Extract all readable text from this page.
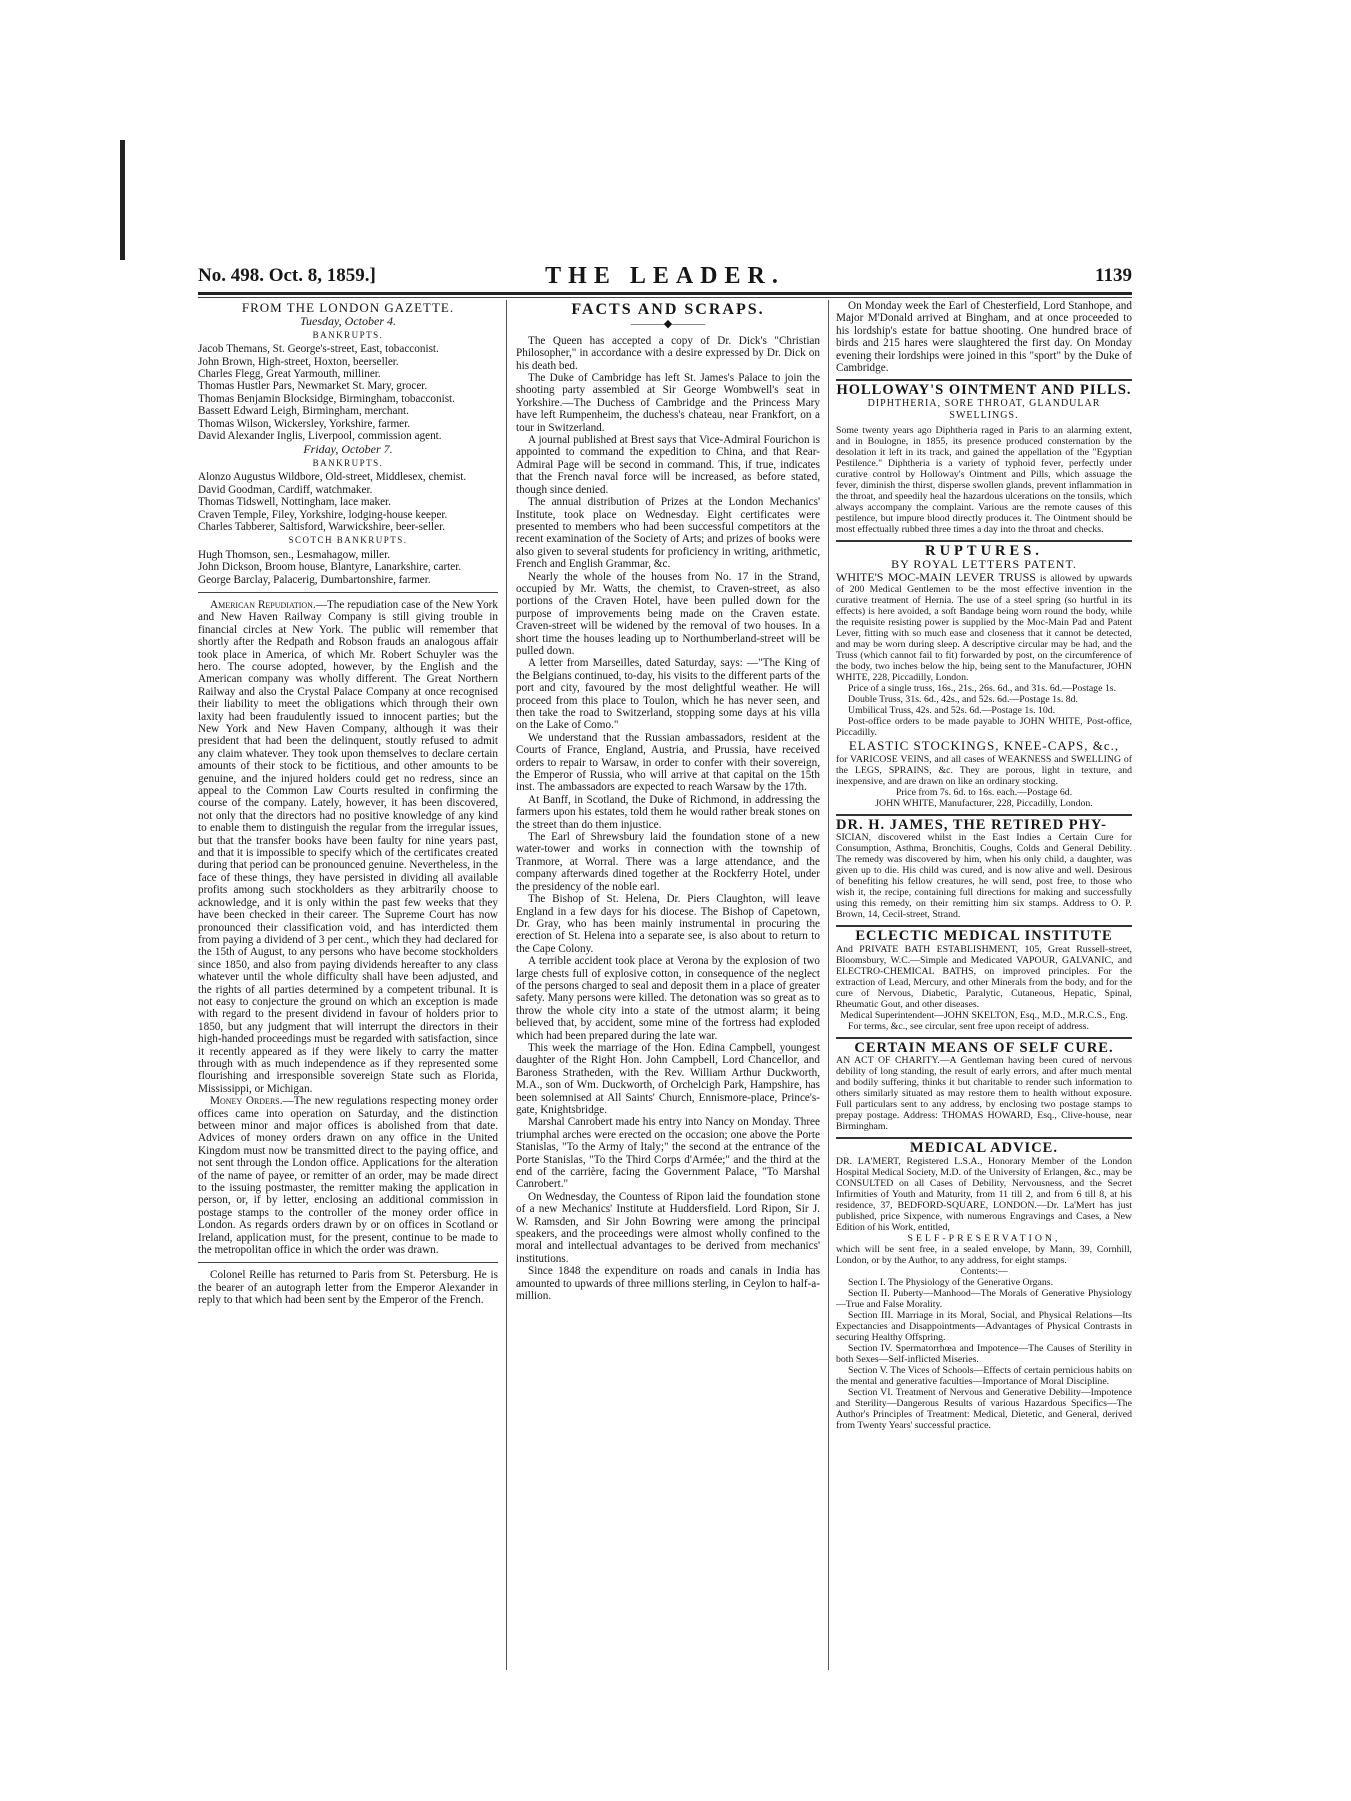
No. 498. Oct. 8, 1859.]	THE LEADER.	1139
FROM THE LONDON GAZETTE.
Tuesday, October 4.
BANKRUPTS.

Jacob Themans, St. George's-street, East, tobacconist.

John Brown, High-street, Hoxton, beerseller.

Charles Flegg, Great Yarmouth, milliner.

Thomas Hustler Pars, Newmarket St. Mary, grocer.

Thomas Benjamin Blocksidge, Birmingham, tobacconist.

Bassett Edward Leigh, Birmingham, merchant.

Thomas Wilson, Wickersley, Yorkshire, farmer.

David Alexander Inglis, Liverpool, commission agent.

Friday, October 7.
BANKRUPTS.

Alonzo Augustus Wildbore, Old-street, Middlesex, chemist.

David Goodman, Cardiff, watchmaker.

Thomas Tidswell, Nottingham, lace maker.

Craven Temple, Filey, Yorkshire, lodging-house keeper.

Charles Tabberer, Saltisford, Warwickshire, beer-seller.

SCOTCH BANKRUPTS.

Hugh Thomson, sen., Lesmahagow, miller.

John Dickson, Broom house, Blantyre, Lanarkshire, carter.

George Barclay, Palacerig, Dumbartonshire, farmer.

American Repudiation.—The repudiation case of the New York and New Haven Railway Company is still giving trouble in financial circles at New York. The public will remember that shortly after the Redpath and Robson frauds an analogous affair took place in America, of which Mr. Robert Schuyler was the hero. The course adopted, however, by the English and the American company was wholly different. The Great Northern Railway and also the Crystal Palace Company at once recognised their liability to meet the obligations which through their own laxity had been fraudulently issued to innocent parties; but the New York and New Haven Company, although it was their president that had been the delinquent, stoutly refused to admit any claim whatever. They took upon themselves to declare certain amounts of their stock to be fictitious, and other amounts to be genuine, and the injured holders could get no redress, since an appeal to the Common Law Courts resulted in confirming the course of the company. Lately, however, it has been discovered, not only that the directors had no positive knowledge of any kind to enable them to distinguish the regular from the irregular issues, but that the transfer books have been faulty for nine years past, and that it is impossible to specify which of the certificates created during that period can be pronounced genuine. Nevertheless, in the face of these things, they have persisted in dividing all available profits among such stockholders as they arbitrarily choose to acknowledge, and it is only within the past few weeks that they have been checked in their career. The Supreme Court has now pronounced their classification void, and has interdicted them from paying a dividend of 3 per cent., which they had declared for the 15th of August, to any persons who have become stockholders since 1850, and also from paying dividends hereafter to any class whatever until the whole difficulty shall have been adjusted, and the rights of all parties determined by a competent tribunal. It is not easy to conjecture the ground on which an exception is made with regard to the present dividend in favour of holders prior to 1850, but any judgment that will interrupt the directors in their high-handed proceedings must be regarded with satisfaction, since it recently appeared as if they were likely to carry the matter through with as much independence as if they represented some flourishing and irresponsible sovereign State such as Florida, Mississippi, or Michigan.

Money Orders.—The new regulations respecting money order offices came into operation on Saturday, and the distinction between minor and major offices is abolished from that date. Advices of money orders drawn on any office in the United Kingdom must now be transmitted direct to the paying office, and not sent through the London office. Applications for the alteration of the name of payee, or remitter of an order, may be made direct to the issuing postmaster, the remitter making the application in person, or, if by letter, enclosing an additional commission in postage stamps to the controller of the money order office in London. As regards orders drawn by or on offices in Scotland or Ireland, application must, for the present, continue to be made to the metropolitan office in which the order was drawn.

Colonel Reille has returned to Paris from St. Petersburg. He is the bearer of an autograph letter from the Emperor Alexander in reply to that which had been sent by the Emperor of the French.

FACTS AND SCRAPS.
———◆———

The Queen has accepted a copy of Dr. Dick's "Christian Philosopher," in accordance with a desire expressed by Dr. Dick on his death bed.

The Duke of Cambridge has left St. James's Palace to join the shooting party assembled at Sir George Wombwell's seat in Yorkshire.—The Duchess of Cambridge and the Princess Mary have left Rumpenheim, the duchess's chateau, near Frankfort, on a tour in Switzerland.

A journal published at Brest says that Vice-Admiral Fourichon is appointed to command the expedition to China, and that Rear-Admiral Page will be second in command. This, if true, indicates that the French naval force will be increased, as before stated, though since denied.

The annual distribution of Prizes at the London Mechanics' Institute, took place on Wednesday. Eight certificates were presented to members who had been successful competitors at the recent examination of the Society of Arts; and prizes of books were also given to several students for proficiency in writing, arithmetic, French and English Grammar, &c.

Nearly the whole of the houses from No. 17 in the Strand, occupied by Mr. Watts, the chemist, to Craven-street, as also portions of the Craven Hotel, have been pulled down for the purpose of improvements being made on the Craven estate. Craven-street will be widened by the removal of two houses. In a short time the houses leading up to Northumberland-street will be pulled down.

A letter from Marseilles, dated Saturday, says: —"The King of the Belgians continued, to-day, his visits to the different parts of the port and city, favoured by the most delightful weather. He will proceed from this place to Toulon, which he has never seen, and then take the road to Switzerland, stopping some days at his villa on the Lake of Como."

We understand that the Russian ambassadors, resident at the Courts of France, England, Austria, and Prussia, have received orders to repair to Warsaw, in order to confer with their sovereign, the Emperor of Russia, who will arrive at that capital on the 15th inst. The ambassadors are expected to reach Warsaw by the 17th.

At Banff, in Scotland, the Duke of Richmond, in addressing the farmers upon his estates, told them he would rather break stones on the street than do them injustice.

The Earl of Shrewsbury laid the foundation stone of a new water-tower and works in connection with the township of Tranmore, at Worral. There was a large attendance, and the company afterwards dined together at the Rockferry Hotel, under the presidency of the noble earl.

The Bishop of St. Helena, Dr. Piers Claughton, will leave England in a few days for his diocese. The Bishop of Capetown, Dr. Gray, who has been mainly instrumental in procuring the erection of St. Helena into a separate see, is also about to return to the Cape Colony.

A terrible accident took place at Verona by the explosion of two large chests full of explosive cotton, in consequence of the neglect of the persons charged to seal and deposit them in a place of greater safety. Many persons were killed. The detonation was so great as to throw the whole city into a state of the utmost alarm; it being believed that, by accident, some mine of the fortress had exploded which had been prepared during the late war.

This week the marriage of the Hon. Edina Campbell, youngest daughter of the Right Hon. John Campbell, Lord Chancellor, and Baroness Stratheden, with the Rev. William Arthur Duckworth, M.A., son of Wm. Duckworth, of Orchelcigh Park, Hampshire, has been solemnised at All Saints' Church, Ennismore-place, Prince's-gate, Knightsbridge.

Marshal Canrobert made his entry into Nancy on Monday. Three triumphal arches were erected on the occasion; one above the Porte Stanislas, "To the Army of Italy;" the second at the entrance of the Porte Stanislas, "To the Third Corps d'Armée;" and the third at the end of the carrière, facing the Government Palace, "To Marshal Canrobert."

On Wednesday, the Countess of Ripon laid the foundation stone of a new Mechanics' Institute at Huddersfield. Lord Ripon, Sir J. W. Ramsden, and Sir John Bowring were among the principal speakers, and the proceedings were almost wholly confined to the moral and intellectual advantages to be derived from mechanics' institutions.

Since 1848 the expenditure on roads and canals in India has amounted to upwards of three millions sterling, in Ceylon to half-a-million.

On Monday week the Earl of Chesterfield, Lord Stanhope, and Major M'Donald arrived at Bingham, and at once proceeded to his lordship's estate for battue shooting. One hundred brace of birds and 215 hares were slaughtered the first day. On Monday evening their lordships were joined in this "sport" by the Duke of Cambridge.

HOLLOWAY'S OINTMENT AND PILLS.
DIPHTHERIA, SORE THROAT, GLANDULAR SWELLINGS.

Some twenty years ago Diphtheria raged in Paris to an alarming extent, and in Boulogne, in 1855, its presence produced consternation by the desolation it left in its track, and gained the appellation of the "Egyptian Pestilence." Diphtheria is a variety of typhoid fever, perfectly under curative control by Holloway's Ointment and Pills, which assuage the fever, diminish the thirst, disperse swollen glands, prevent inflammation in the throat, and speedily heal the hazardous ulcerations on the tonsils, which always accompany the complaint. Various are the remote causes of this pestilence, but impure blood directly produces it. The Ointment should be most effectually rubbed three times a day into the throat and checks.

RUPTURES.
BY ROYAL LETTERS PATENT.

WHITE'S MOC-MAIN LEVER TRUSS is allowed by upwards of 200 Medical Gentlemen to be the most effective invention in the curative treatment of Hernia. The use of a steel spring (so hurtful in its effects) is here avoided, a soft Bandage being worn round the body, while the requisite resisting power is supplied by the Moc-Main Pad and Patent Lever, fitting with so much ease and closeness that it cannot be detected, and may be worn during sleep. A descriptive circular may be had, and the Truss (which cannot fail to fit) forwarded by post, on the circumference of the body, two inches below the hip, being sent to the Manufacturer, JOHN WHITE, 228, Piccadilly, London.

Price of a single truss, 16s., 21s., 26s. 6d., and 31s. 6d.—Postage 1s.

Double Truss, 31s. 6d., 42s., and 52s. 6d.—Postage 1s. 8d.

Umbilical Truss, 42s. and 52s. 6d.—Postage 1s. 10d.

Post-office orders to be made payable to JOHN WHITE, Post-office, Piccadilly.

ELASTIC STOCKINGS, KNEE-CAPS, &c.,

for VARICOSE VEINS, and all cases of WEAKNESS and SWELLING of the LEGS, SPRAINS, &c. They are porous, light in texture, and inexpensive, and are drawn on like an ordinary stocking.

Price from 7s. 6d. to 16s. each.—Postage 6d.

JOHN WHITE, Manufacturer, 228, Piccadilly, London.

DR. H. JAMES, THE RETIRED PHY-

SICIAN, discovered whilst in the East Indies a Certain Cure for Consumption, Asthma, Bronchitis, Coughs, Colds and General Debility. The remedy was discovered by him, when his only child, a daughter, was given up to die. His child was cured, and is now alive and well. Desirous of benefiting his fellow creatures, he will send, post free, to those who wish it, the recipe, containing full directions for making and successfully using this remedy, on their remitting him six stamps. Address to O. P. Brown, 14, Cecil-street, Strand.

ECLECTIC MEDICAL INSTITUTE

And PRIVATE BATH ESTABLISHMENT, 105, Great Russell-street, Bloomsbury, W.C.—Simple and Medicated VAPOUR, GALVANIC, and ELECTRO-CHEMICAL BATHS, on improved principles. For the extraction of Lead, Mercury, and other Minerals from the body, and for the cure of Nervous, Diabetic, Paralytic, Cutaneous, Hepatic, Spinal, Rheumatic Gout, and other diseases.

Medical Superintendent—JOHN SKELTON, Esq., M.D., M.R.C.S., Eng.

For terms, &c., see circular, sent free upon receipt of address.

CERTAIN MEANS OF SELF CURE.

AN ACT OF CHARITY.—A Gentleman having been cured of nervous debility of long standing, the result of early errors, and after much mental and bodily suffering, thinks it but charitable to render such information to others similarly situated as may restore them to health without exposure. Full particulars sent to any address, by enclosing two postage stamps to prepay postage. Address: THOMAS HOWARD, Esq., Clive-house, near Birmingham.

MEDICAL ADVICE.

DR. LA'MERT, Registered L.S.A., Honorary Member of the London Hospital Medical Society, M.D. of the University of Erlangen, &c., may be CONSULTED on all Cases of Debility, Nervousness, and the Secret Infirmities of Youth and Maturity, from 11 till 2, and from 6 till 8, at his residence, 37, BEDFORD-SQUARE, LONDON.—Dr. La'Mert has just published, price Sixpence, with numerous Engravings and Cases, a New Edition of his Work, entitled,

SELF-PRESERVATION,

which will be sent free, in a sealed envelope, by Mann, 39, Cornhill, London, or by the Author, to any address, for eight stamps.

Contents:—

Section I. The Physiology of the Generative Organs.

Section II. Puberty—Manhood—The Morals of Generative Physiology—True and False Morality.

Section III. Marriage in its Moral, Social, and Physical Relations—Its Expectancies and Disappointments—Advantages of Physical Contrasts in securing Healthy Offspring.

Section IV. Spermatorrhœa and Impotence—The Causes of Sterility in both Sexes—Self-inflicted Miseries.

Section V. The Vices of Schools—Effects of certain pernicious habits on the mental and generative faculties—Importance of Moral Discipline.

Section VI. Treatment of Nervous and Generative Debility—Impotence and Sterility—Dangerous Results of various Hazardous Specifics—The Author's Principles of Treatment: Medical, Dietetic, and General, derived from Twenty Years' successful practice.
